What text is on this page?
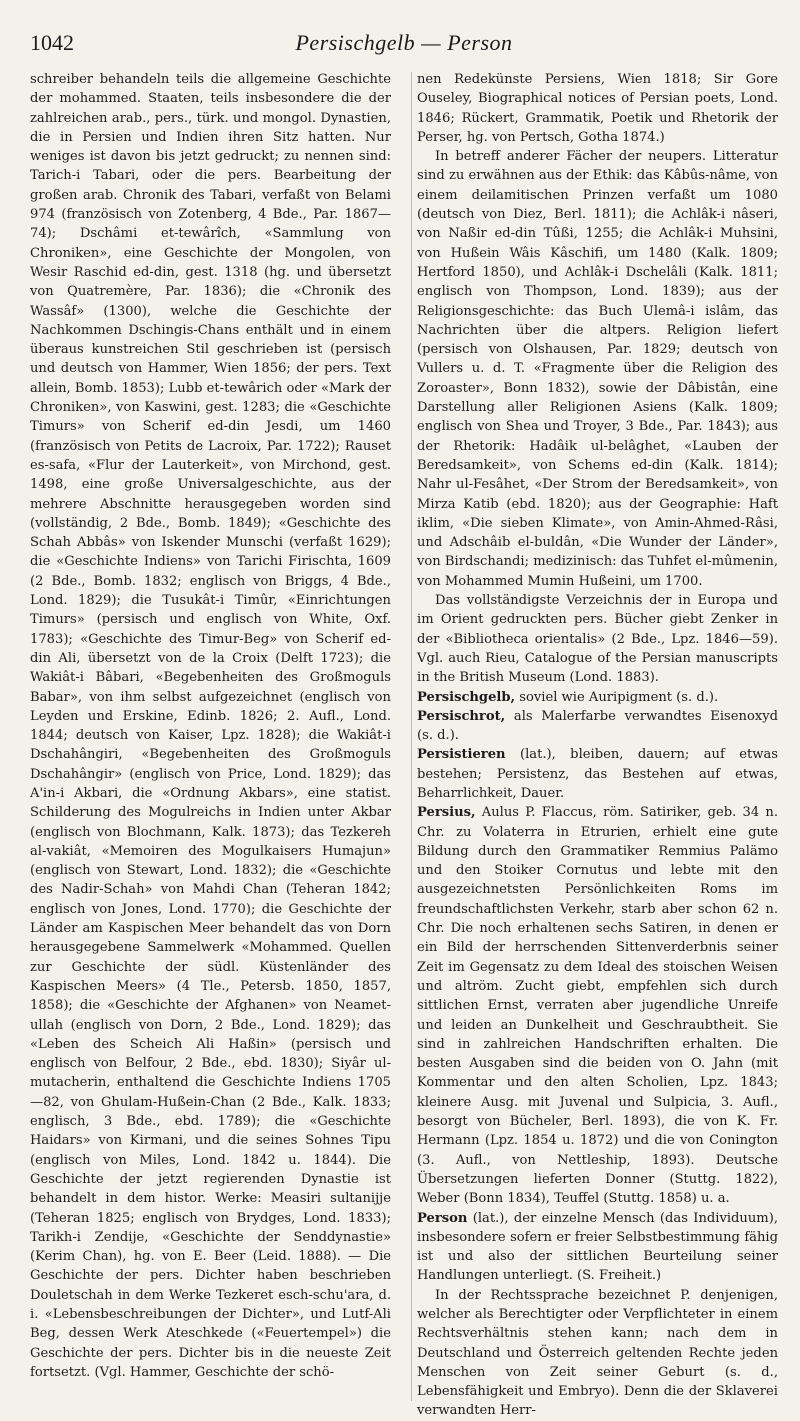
1042	Persischgelb — Person

schreiber behandeln teils die allgemeine Geschichte der mohammed. Staaten, teils insbesondere die der zahlreichen arab., pers., türk. und mongol. Dynastien, die in Persien und Indien ihren Sitz hatten. Nur weniges ist davon bis jetzt gedruckt; zu nennen sind: Tarich-i Tabari, oder die pers. Bearbeitung der großen arab. Chronik des Tabari, verfaßt von Belami 974 (französisch von Zotenberg, 4 Bde., Par. 1867—74); Dschâmi et-tewârîch, «Sammlung von Chroniken», eine Geschichte der Mongolen, von Wesir Raschid ed-din, gest. 1318 (hg. und übersetzt von Quatremère, Par. 1836); die «Chronik des Wassâf» (1300), welche die Geschichte der Nachkommen Dschingis-Chans enthält und in einem überaus kunstreichen Stil geschrieben ist (persisch und deutsch von Hammer, Wien 1856; der pers. Text allein, Bomb. 1853); Lubb et-tewârich oder «Mark der Chroniken», von Kaswini, gest. 1283; die «Geschichte Timurs» von Scherif ed-din Jesdi, um 1460 (französisch von Petits de Lacroix, Par. 1722); Rauset es-safa, «Flur der Lauterkeit», von Mirchond, gest. 1498, eine große Universalgeschichte, aus der mehrere Abschnitte herausgegeben worden sind (vollständig, 2 Bde., Bomb. 1849); «Geschichte des Schah Abbâs» von Iskender Munschi (verfaßt 1629); die «Geschichte Indiens» von Tarichi Firischta, 1609 (2 Bde., Bomb. 1832; englisch von Briggs, 4 Bde., Lond. 1829); die Tusukât-i Timûr, «Einrichtungen Timurs» (persisch und englisch von White, Oxf. 1783); «Geschichte des Timur-Beg» von Scherif ed-din Ali, übersetzt von de la Croix (Delft 1723); die Wakiât-i Bâbari, «Begebenheiten des Großmoguls Babar», von ihm selbst aufgezeichnet (englisch von Leyden und Erskine, Edinb. 1826; 2. Aufl., Lond. 1844; deutsch von Kaiser, Lpz. 1828); die Wakiât-i Dschahângiri, «Begebenheiten des Großmoguls Dschahângir» (englisch von Price, Lond. 1829); das A'in-i Akbari, die «Ordnung Akbars», eine statist. Schilderung des Mogulreichs in Indien unter Akbar (englisch von Blochmann, Kalk. 1873); das Tezkereh al-vakiât, «Memoiren des Mogulkaisers Humajun» (englisch von Stewart, Lond. 1832); die «Geschichte des Nadir-Schah» von Mahdi Chan (Teheran 1842; englisch von Jones, Lond. 1770); die Geschichte der Länder am Kaspischen Meer behandelt das von Dorn herausgegebene Sammelwerk «Mohammed. Quellen zur Geschichte der südl. Küstenländer des Kaspischen Meers» (4 Tle., Petersb. 1850, 1857, 1858); die «Geschichte der Afghanen» von Neamet-ullah (englisch von Dorn, 2 Bde., Lond. 1829); das «Leben des Scheich Ali Haßin» (persisch und englisch von Belfour, 2 Bde., ebd. 1830); Siyâr ul-mutacherin, enthaltend die Geschichte Indiens 1705—82, von Ghulam-Hußein-Chan (2 Bde., Kalk. 1833; englisch, 3 Bde., ebd. 1789); die «Geschichte Haidars» von Kirmani, und die seines Sohnes Tipu (englisch von Miles, Lond. 1842 u. 1844). Die Geschichte der jetzt regierenden Dynastie ist behandelt in dem histor. Werke: Measiri sultanijje (Teheran 1825; englisch von Brydges, Lond. 1833); Tarikh-i Zendije, «Geschichte der Senddynastie» (Kerim Chan), hg. von E. Beer (Leid. 1888). — Die Geschichte der pers. Dichter haben beschrieben Douletschah in dem Werke Tezkeret esch-schu'ara, d. i. «Lebensbeschreibungen der Dichter», und Lutf-Ali Beg, dessen Werk Ateschkede («Feuertempel») die Geschichte der pers. Dichter bis in die neueste Zeit fortsetzt. (Vgl. Hammer, Geschichte der schö-

nen Redekünste Persiens, Wien 1818; Sir Gore Ouseley, Biographical notices of Persian poets, Lond. 1846; Rückert, Grammatik, Poetik und Rhetorik der Perser, hg. von Pertsch, Gotha 1874.)

In betreff anderer Fächer der neupers. Litteratur sind zu erwähnen aus der Ethik: das Kâbûs-nâme, von einem deilamitischen Prinzen verfaßt um 1080 (deutsch von Diez, Berl. 1811); die Achlâk-i nâseri, von Naßir ed-din Tûßi, 1255; die Achlâk-i Muhsini, von Hußein Wâis Kâschifi, um 1480 (Kalk. 1809; Hertford 1850), und Achlâk-i Dschelâli (Kalk. 1811; englisch von Thompson, Lond. 1839); aus der Religionsgeschichte: das Buch Ulemâ-i islâm, das Nachrichten über die altpers. Religion liefert (persisch von Olshausen, Par. 1829; deutsch von Vullers u. d. T. «Fragmente über die Religion des Zoroaster», Bonn 1832), sowie der Dâbistân, eine Darstellung aller Religionen Asiens (Kalk. 1809; englisch von Shea und Troyer, 3 Bde., Par. 1843); aus der Rhetorik: Hadâik ul-belâghet, «Lauben der Beredsamkeit», von Schems ed-din (Kalk. 1814); Nahr ul-Fesâhet, «Der Strom der Beredsamkeit», von Mirza Katib (ebd. 1820); aus der Geographie: Haft iklim, «Die sieben Klimate», von Amin-Ahmed-Râsi, und Adschâib el-buldân, «Die Wunder der Länder», von Birdschandi; medizinisch: das Tuhfet el-mûmenin, von Mohammed Mumin Hußeini, um 1700.

Das vollständigste Verzeichnis der in Europa und im Orient gedruckten pers. Bücher giebt Zenker in der «Bibliotheca orientalis» (2 Bde., Lpz. 1846—59). Vgl. auch Rieu, Catalogue of the Persian manuscripts in the British Museum (Lond. 1883).

Persischgelb, soviel wie Auripigment (s. d.).

Persischrot, als Malerfarbe verwandtes Eisenoxyd (s. d.).

Persistieren (lat.), bleiben, dauern; auf etwas bestehen; Persistenz, das Bestehen auf etwas, Beharrlichkeit, Dauer.

Persius, Aulus P. Flaccus, röm. Satiriker, geb. 34 n. Chr. zu Volaterra in Etrurien, erhielt eine gute Bildung durch den Grammatiker Remmius Palämo und den Stoiker Cornutus und lebte mit den ausgezeichnetsten Persönlichkeiten Roms im freundschaftlichsten Verkehr, starb aber schon 62 n. Chr. Die noch erhaltenen sechs Satiren, in denen er ein Bild der herrschenden Sittenverderbnis seiner Zeit im Gegensatz zu dem Ideal des stoischen Weisen und altröm. Zucht giebt, empfehlen sich durch sittlichen Ernst, verraten aber jugendliche Unreife und leiden an Dunkelheit und Geschraubtheit. Sie sind in zahlreichen Handschriften erhalten. Die besten Ausgaben sind die beiden von O. Jahn (mit Kommentar und den alten Scholien, Lpz. 1843; kleinere Ausg. mit Juvenal und Sulpicia, 3. Aufl., besorgt von Bücheler, Berl. 1893), die von K. Fr. Hermann (Lpz. 1854 u. 1872) und die von Conington (3. Aufl., von Nettleship, 1893). Deutsche Übersetzungen lieferten Donner (Stuttg. 1822), Weber (Bonn 1834), Teuffel (Stuttg. 1858) u. a.

Person (lat.), der einzelne Mensch (das Individuum), insbesondere sofern er freier Selbstbestimmung fähig ist und also der sittlichen Beurteilung seiner Handlungen unterliegt. (S. Freiheit.)

In der Rechtssprache bezeichnet P. denjenigen, welcher als Berechtigter oder Verpflichteter in einem Rechtsverhältnis stehen kann; nach dem in Deutschland und Österreich geltenden Rechte jeden Menschen von Zeit seiner Geburt (s. d., Lebensfähigkeit und Embryo). Denn die der Sklaverei verwandten Herr-
